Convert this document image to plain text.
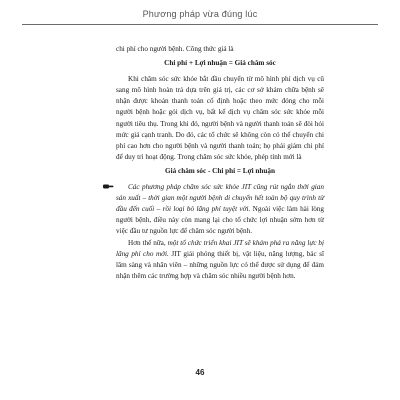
Phương pháp vừa đúng lúc

chi phí cho người bệnh. Công thức giá là

Chi phí + Lợi nhuận = Giá chăm sóc

Khi chăm sóc sức khỏe bắt đầu chuyển từ mô hình phí dịch vụ cũ sang mô hình hoàn trả dựa trên giá trị, các cơ sở khám chữa bệnh sẽ nhận được khoản thanh toán cố định hoặc theo mức đóng cho mỗi người bệnh hoặc gói dịch vụ, bất kể dịch vụ chăm sóc sức khỏe mỗi người tiêu thụ. Trong khi đó, người bệnh và người thanh toán sẽ đòi hỏi mức giá cạnh tranh. Do đó, các tổ chức sẽ không còn có thể chuyển chi phí cao hơn cho người bệnh và người thanh toán; họ phải giảm chi phí để duy trì hoạt động. Trong chăm sóc sức khỏe, phép tính mới là

Giá chăm sóc - Chi phí = Lợi nhuận

Các phương pháp chăm sóc sức khỏe JIT cũng rút ngắn thời gian sản xuất – thời gian một người bệnh di chuyển hết toàn bộ quy trình từ đầu đến cuối – rồi loại bỏ lãng phí tuyệt vời. Ngoài việc làm hài lòng người bệnh, điều này còn mang lại cho tổ chức lợi nhuận sớm hơn từ việc đầu tư nguồn lực để chăm sóc người bệnh.

Hơn thế nữa, một tổ chức triển khai JIT sẽ khám phá ra năng lực bị lãng phí cho mới. JIT giải phóng thiết bị, vật liệu, năng lượng, bác sĩ lâm sàng và nhân viên – những nguồn lực có thể được sử dụng để đảm nhận thêm các trường hợp và chăm sóc nhiều người bệnh hơn.

46
